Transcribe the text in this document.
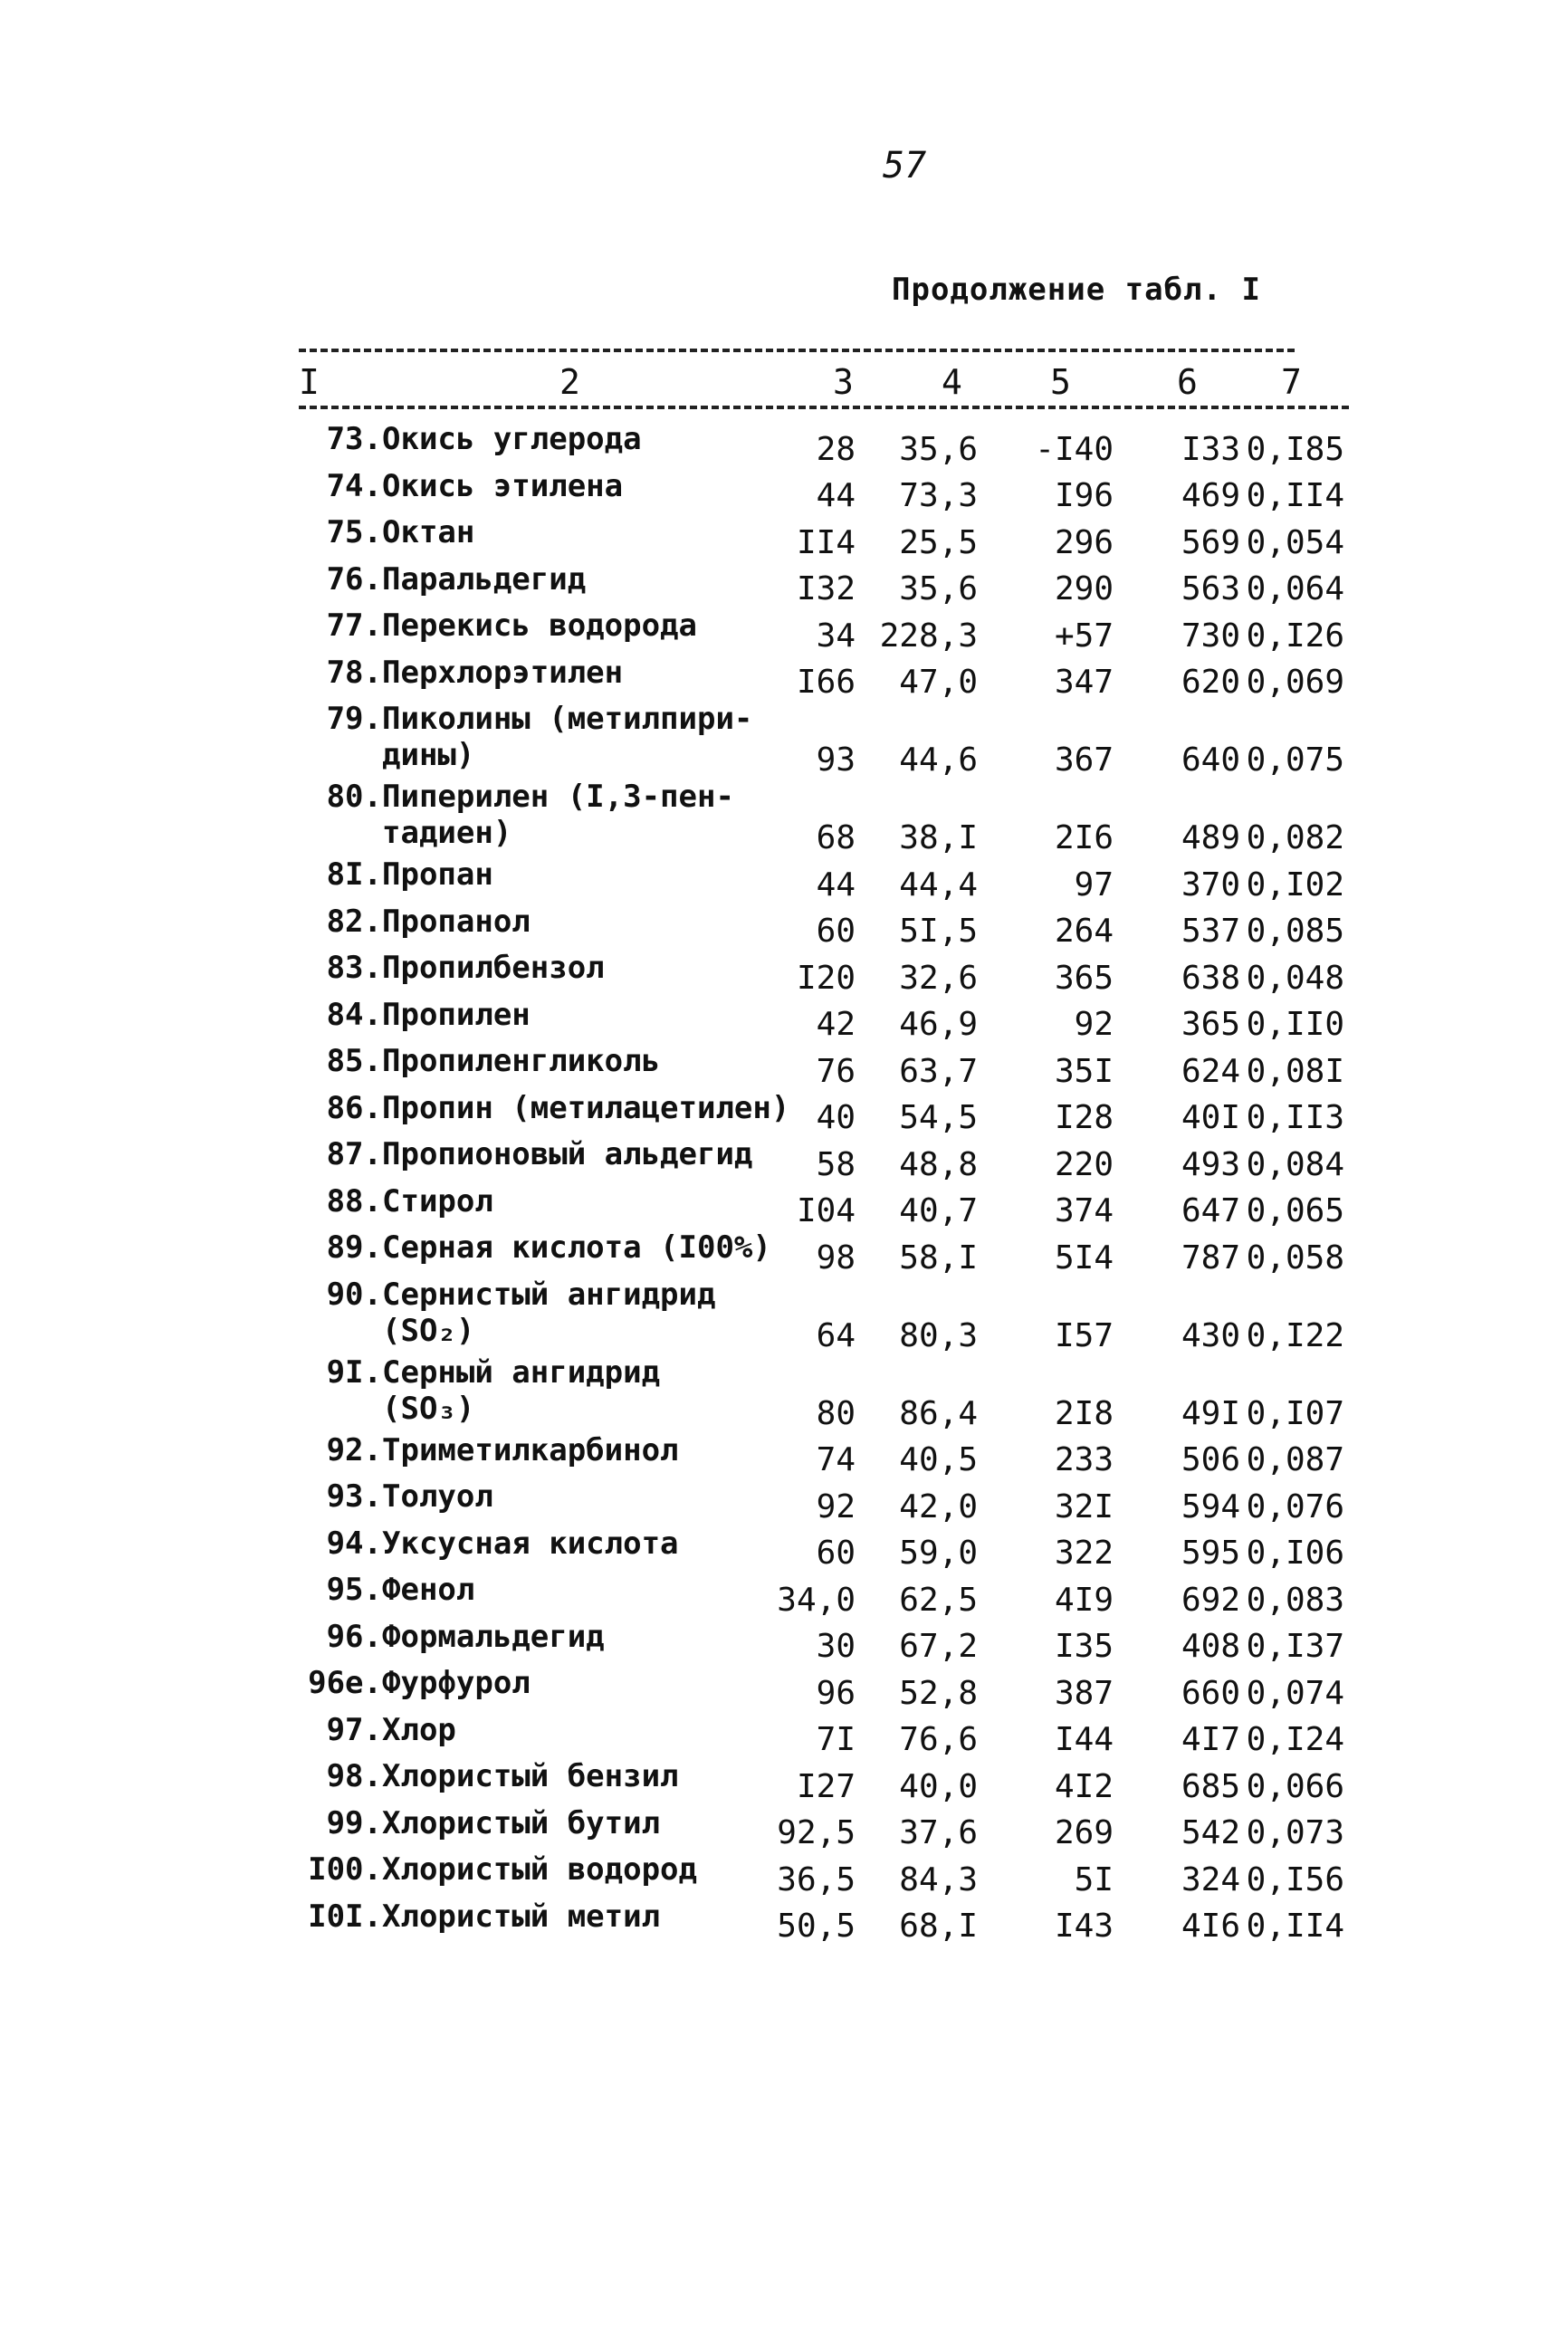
57
Продолжение табл. I
I	2	3	4	5	6 7
73. Окись углерода	28	35,6	-I40	I33 0,I85
74. Окись этилена	44	73,3	I96	469 0,II4
75. Октан	II4	25,5	296	569 0,054
76. Паральдегид	I32	35,6	290	563 0,064
77. Перекись водорода	34 228,3	+57	730 0,I26
78. Перхлорэтилен	I66	47,0	347	620 0,069
79. Пиколины (метилпири-
дины)	93	44,6	367	640 0,075
80. Пиперилен (I,3-пен-
тадиен)	68	38,I	2I6	489 0,082
8I. Пропан	44	44,4	97	370 0,I02
82. Пропанол	60	5I,5	264	537 0,085
83. Пропилбензол	I20	32,6	365	638 0,048
84. Пропилен	42	46,9	92	365 0,II0
85. Пропиленгликоль	76	63,7	35I	624 0,08I
86. Пропин (метилацетилен) 40	54,5	I28	40I 0,II3
87. Пропионовый альдегид	58	48,8	220	493 0,084
88. Стирол	I04	40,7	374	647 0,065
89. Серная кислота (I00%)	98	58,I	5I4	787 0,058
90. Сернистый ангидрид
(SO₂)	64	80,3	I57	430 0,I22
9I. Серный ангидрид
(SO₃)	80	86,4	2I8	49I 0,I07
92. Триметилкарбинол	74	40,5	233	506 0,087
93. Толуол	92	42,0	32I	594 0,076
94. Уксусная кислота	60	59,0	322	595 0,I06
95. Фенол	34,0	62,5	4I9	692 0,083
96. Формальдегид	30	67,2	I35	408 0,I37
96е. Фурфурол	96	52,8	387	660 0,074
97. Хлор	7I	76,6	I44	4I7 0,I24
98. Хлористый бензил	I27	40,0	4I2	685 0,066
99. Хлористый бутил	92,5	37,6	269	542 0,073
I00. Хлористый водород	36,5	84,3	5I	324 0,I56
I0I. Хлористый метил	50,5	68,I	I43	4I6 0,II4
